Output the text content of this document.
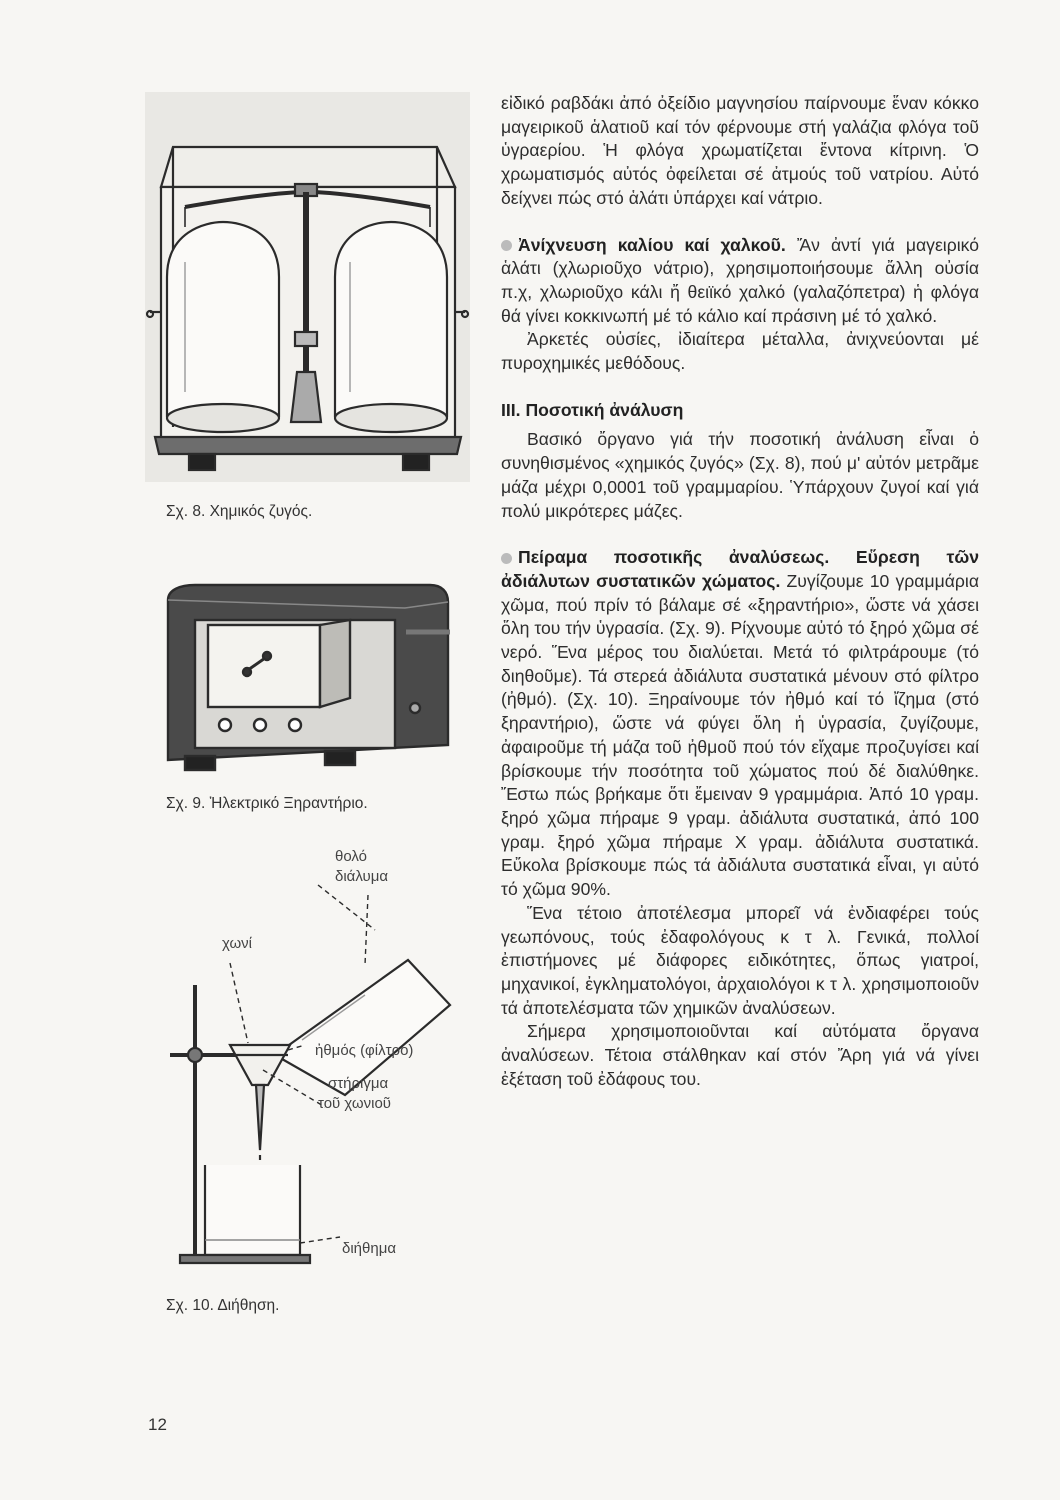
Σχ. 8. Χημικός ζυγός.
Σχ. 9. Ἠλεκτρικό Ξηραντήριο.
θολό
διάλυμα
χωνί
ἠθμός (φίλτρο)
στήριγμα
τοῦ χωνιοῦ
διήθημα
Σχ. 10. Διήθηση.

εἰδικό ραβδάκι ἀπό ὀξείδιο μαγνησίου παίρνουμε ἕναν κόκκο μαγειρικοῦ ἁλατιοῦ καί τόν φέρνουμε στή γαλάζια φλόγα τοῦ ὑγραερίου. Ἡ φλόγα χρωματίζεται ἔντονα κίτρινη. Ὁ χρωματισμός αὐτός ὀφείλεται σέ ἀτμούς τοῦ νατρίου. Αὐτό δείχνει πώς στό ἁλάτι ὑπάρχει καί νάτριο.

Ἀνίχνευση καλίου καί χαλκοῦ. Ἄν ἀντί γιά μαγειρικό ἁλάτι (χλωριοῦχο νάτριο), χρησιμοποιήσουμε ἄλλη οὐσία π.χ, χλωριοῦχο κάλι ἤ θειϊκό χαλκό (γαλαζόπετρα) ἡ φλόγα θά γίνει κοκκινωπή μέ τό κάλιο καί πράσινη μέ τό χαλκό.

Ἀρκετές οὐσίες, ἰδιαίτερα μέταλλα, ἀνιχνεύονται μέ πυροχημικές μεθόδους.

ΙΙΙ. Ποσοτική ἀνάλυση

Βασικό ὄργανο γιά τήν ποσοτική ἀνάλυση εἶναι ὁ συνηθισμένος «χημικός ζυγός» (Σχ. 8), πού μ' αὐτόν μετρᾶμε μάζα μέχρι 0,0001 τοῦ γραμμαρίου. Ὑπάρχουν ζυγοί καί γιά πολύ μικρότερες μάζες.

Πείραμα ποσοτικῆς ἀναλύσεως. Εὕρεση τῶν ἀδιάλυτων συστατικῶν χώματος. Ζυγίζουμε 10 γραμμάρια χῶμα, πού πρίν τό βάλαμε σέ «ξηραντήριο», ὥστε νά χάσει ὅλη του τήν ὑγρασία. (Σχ. 9). Ρίχνουμε αὐτό τό ξηρό χῶμα σέ νερό. Ἕνα μέρος του διαλύεται. Μετά τό φιλτράρουμε (τό διηθοῦμε). Τά στερεά ἀδιάλυτα συστατικά μένουν στό φίλτρο (ἠθμό). (Σχ. 10). Ξηραίνουμε τόν ἠθμό καί τό ἴζημα (στό ξηραντήριο), ὥστε νά φύγει ὅλη ἡ ὑγρασία, ζυγίζουμε, ἀφαιροῦμε τή μάζα τοῦ ἠθμοῦ πού τόν εἴχαμε προζυγίσει καί βρίσκουμε τήν ποσότητα τοῦ χώματος πού δέ διαλύθηκε. Ἔστω πώς βρήκαμε ὅτι ἔμειναν 9 γραμμάρια. Ἀπό 10 γραμ. ξηρό χῶμα πήραμε 9 γραμ. ἀδιάλυτα συστατικά, ἀπό 100 γραμ. ξηρό χῶμα πήραμε Χ γραμ. ἀδιάλυτα συστατικά. Εὔκολα βρίσκουμε πώς τά ἀδιάλυτα συστατικά εἶναι, γι αὐτό τό χῶμα 90%.

Ἕνα τέτοιο ἀποτέλεσμα μπορεῖ νά ἐνδιαφέρει τούς γεωπόνους, τούς ἐδαφολόγους κ τ λ. Γενικά, πολλοί ἐπιστήμονες μέ διάφορες ειδικότητες, ὅπως γιατροί, μηχανικοί, ἐγκληματολόγοι, ἀρχαιολόγοι κ τ λ. χρησιμοποιοῦν τά ἀποτελέσματα τῶν χημικῶν ἀναλύσεων.

Σήμερα χρησιμοποιοῦνται καί αὐτόματα ὄργανα ἀναλύσεων. Τέτοια στάλθηκαν καί στόν Ἄρη γιά νά γίνει ἐξέταση τοῦ ἐδάφους του.

12
